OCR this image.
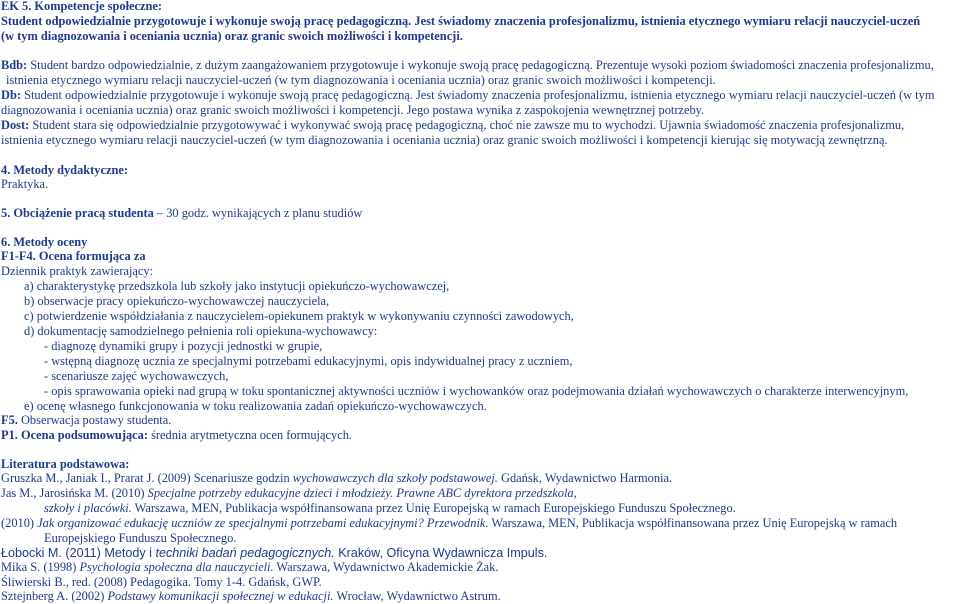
EK 5. Kompetencje społeczne:
Student odpowiedzialnie przygotowuje i wykonuje swoją pracę pedagogiczną. Jest świadomy znaczenia profesjonalizmu, istnienia etycznego wymiaru relacji nauczyciel-uczeń
(w tym diagnozowania i oceniania ucznia) oraz granic swoich możliwości i kompetencji.
Bdb: Student bardzo odpowiedzialnie, z dużym zaangażowaniem przygotowuje i wykonuje swoją pracę pedagogiczną. Prezentuje wysoki poziom świadomości znaczenia profesjonalizmu,
istnienia etycznego wymiaru relacji nauczyciel-uczeń (w tym diagnozowania i oceniania ucznia) oraz granic swoich możliwości i kompetencji.
Db: Student odpowiedzialnie przygotowuje i wykonuje swoją pracę pedagogiczną. Jest świadomy znaczenia profesjonalizmu, istnienia etycznego wymiaru relacji nauczyciel-uczeń (w tym
diagnozowania i oceniania ucznia) oraz granic swoich możliwości i kompetencji. Jego postawa wynika z zaspokojenia wewnętrznej potrzeby.
Dost: Student stara się odpowiedzialnie przygotowywać i wykonywać swoją pracę pedagogiczną, choć nie zawsze mu to wychodzi. Ujawnia świadomość znaczenia profesjonalizmu,
istnienia etycznego wymiaru relacji nauczyciel-uczeń (w tym diagnozowania i oceniania ucznia) oraz granic swoich możliwości i kompetencji kierując się motywacją zewnętrzną.
4. Metody dydaktyczne:
Praktyka.
5. Obciążenie pracą studenta – 30 godz. wynikających z planu studiów
6. Metody oceny
F1-F4. Ocena formująca za
Dziennik praktyk zawierający:
a) charakterystykę przedszkola lub szkoły jako instytucji opiekuńczo-wychowawczej,
b) obserwacje pracy opiekuńczo-wychowawczej nauczyciela,
c) potwierdzenie współdziałania z nauczycielem-opiekunem praktyk w wykonywaniu czynności zawodowych,
d) dokumentację samodzielnego pełnienia roli opiekuna-wychowawcy:
- diagnozę dynamiki grupy i pozycji jednostki w grupie,
- wstępną diagnozę ucznia ze specjalnymi potrzebami edukacyjnymi, opis indywidualnej pracy z uczniem,
- scenariusze zajęć wychowawczych,
- opis sprawowania opieki nad grupą w toku spontanicznej aktywności uczniów i wychowanków oraz podejmowania działań wychowawczych o charakterze interwencyjnym,
e) ocenę własnego funkcjonowania w toku realizowania zadań opiekuńczo-wychowawczych.
F5. Obserwacja postawy studenta.
P1. Ocena podsumowująca: średnia arytmetyczna ocen formujących.
Literatura podstawowa:
Gruszka M., Janiak I., Prarat J. (2009) Scenariusze godzin wychowawczych dla szkoły podstawowej. Gdańsk, Wydawnictwo Harmonia.
Jas M., Jarosińska M. (2010) Specjalne potrzeby edukacyjne dzieci i młodzieży. Prawne ABC dyrektora przedszkola,
szkoły i placówki. Warszawa, MEN, Publikacja współfinansowana przez Unię Europejską w ramach Europejskiego Funduszu Społecznego.
(2010) Jak organizować edukację uczniów ze specjalnymi potrzebami edukacyjnymi? Przewodnik. Warszawa, MEN, Publikacja współfinansowana przez Unię Europejską w ramach
Europejskiego Funduszu Społecznego.
Łobocki M. (2011) Metody i techniki badań pedagogicznych. Kraków, Oficyna Wydawnicza Impuls.
Mika S. (1998) Psychologia społeczna dla nauczycieli. Warszawa, Wydawnictwo Akademickie Żak.
Śliwierski B., red. (2008) Pedagogika. Tomy 1-4. Gdańsk, GWP.
Sztejnberg A. (2002) Podstawy komunikacji społecznej w edukacji. Wrocław, Wydawnictwo Astrum.
